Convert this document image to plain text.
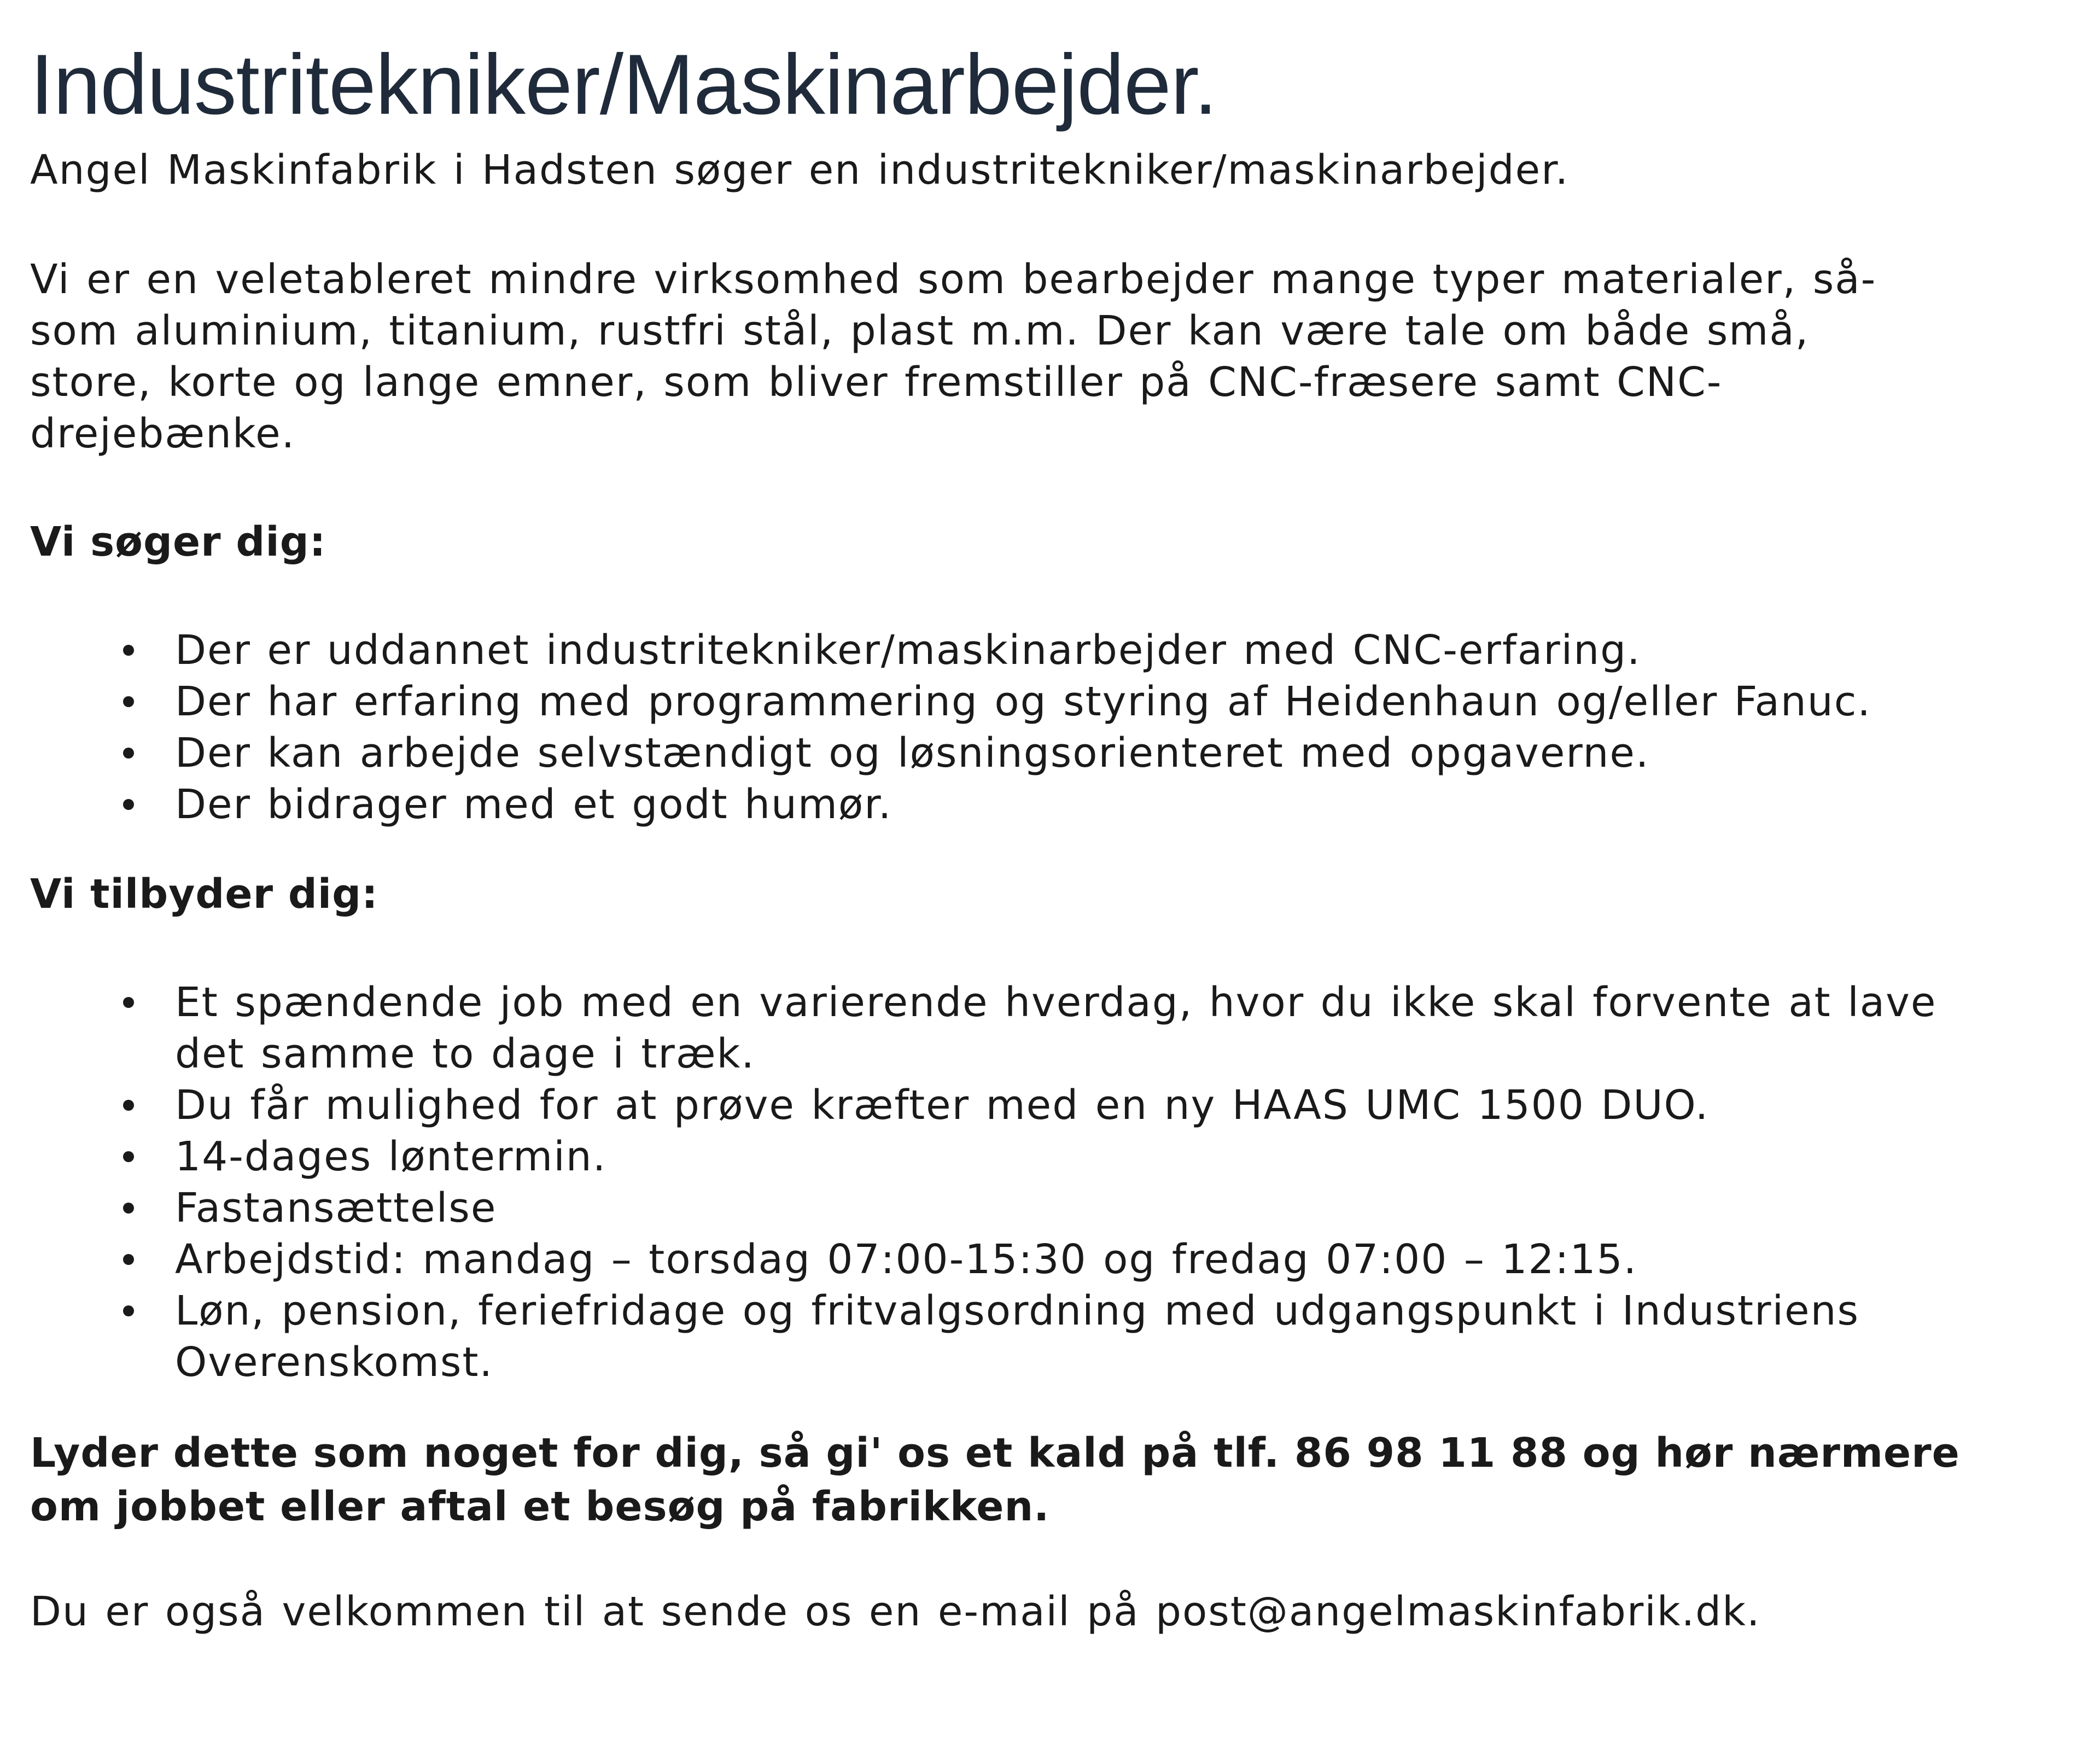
Industritekniker/Maskinarbejder.

Angel Maskinfabrik i Hadsten søger en industritekniker/maskinarbejder.

Vi er en veletableret mindre virksomhed som bearbejder mange typer materialer, så-
som aluminium, titanium, rustfri stål, plast m.m. Der kan være tale om både små,
store, korte og lange emner, som bliver fremstiller på CNC-fræsere samt CNC-
drejebænke.

Vi søger dig:

Der er uddannet industritekniker/maskinarbejder med CNC-erfaring.
Der har erfaring med programmering og styring af Heidenhaun og/eller Fanuc.
Der kan arbejde selvstændigt og løsningsorienteret med opgaverne.
Der bidrager med et godt humør.

Vi tilbyder dig:

Et spændende job med en varierende hverdag, hvor du ikke skal forvente at lave
det samme to dage i træk.
Du får mulighed for at prøve kræfter med en ny HAAS UMC 1500 DUO.
14-dages løntermin.
Fastansættelse
Arbejdstid: mandag – torsdag 07:00-15:30 og fredag 07:00 – 12:15.
Løn, pension, feriefridage og fritvalgsordning med udgangspunkt i Industriens
Overenskomst.
Lyder dette som noget for dig, så gi' os et kald på tlf. 86 98 11 88 og hør nærmere
om jobbet eller aftal et besøg på fabrikken.

Du er også velkommen til at sende os en e-mail på post@angelmaskinfabrik.dk.
